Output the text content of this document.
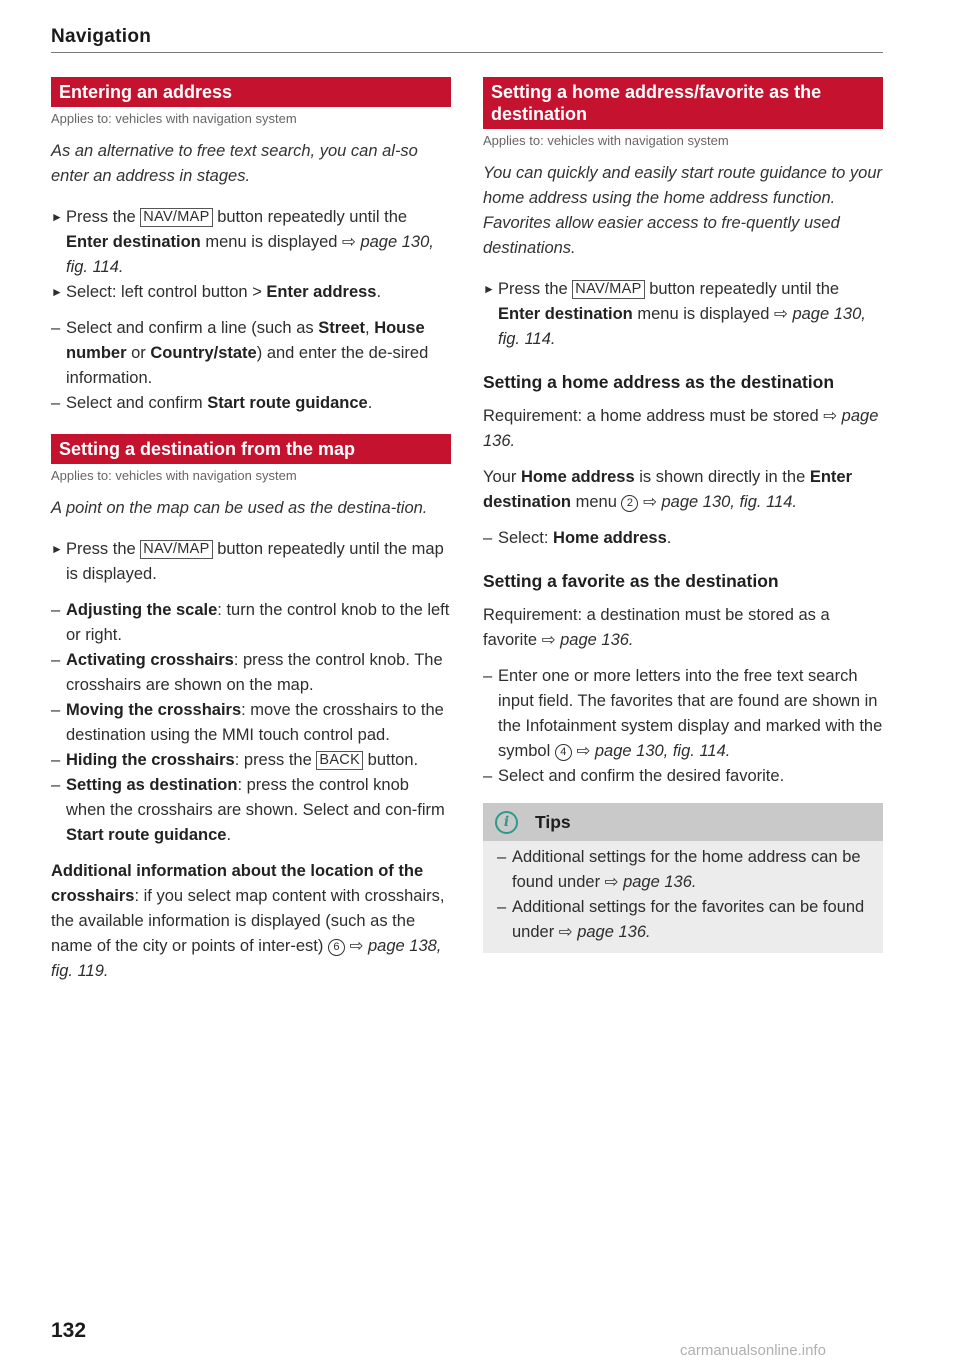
Navigation
Entering an address
Applies to: vehicles with navigation system
As an alternative to free text search, you can al-so enter an address in stages.
► Press the NAV/MAP button repeatedly until the Enter destination menu is displayed ⇨ page 130, fig. 114.
► Select: left control button > Enter address.
– Select and confirm a line (such as Street, House number or Country/state) and enter the de-sired information.
– Select and confirm Start route guidance.
Setting a destination from the map
Applies to: vehicles with navigation system
A point on the map can be used as the destina-tion.
► Press the NAV/MAP button repeatedly until the map is displayed.
– Adjusting the scale: turn the control knob to the left or right.
– Activating crosshairs: press the control knob. The crosshairs are shown on the map.
– Moving the crosshairs: move the crosshairs to the destination using the MMI touch control pad.
– Hiding the crosshairs: press the BACK button.
– Setting as destination: press the control knob when the crosshairs are shown. Select and con-firm Start route guidance.
Additional information about the location of the crosshairs: if you select map content with crosshairs, the available information is displayed (such as the name of the city or points of inter-est) 6 ⇨ page 138, fig. 119.
Setting a home address/favorite as the destination
Applies to: vehicles with navigation system
You can quickly and easily start route guidance to your home address using the home address function. Favorites allow easier access to fre-quently used destinations.
► Press the NAV/MAP button repeatedly until the Enter destination menu is displayed ⇨ page 130, fig. 114.
Setting a home address as the destination
Requirement: a home address must be stored ⇨ page 136.
Your Home address is shown directly in the Enter destination menu 2 ⇨ page 130, fig. 114.
– Select: Home address.
Setting a favorite as the destination
Requirement: a destination must be stored as a favorite ⇨ page 136.
– Enter one or more letters into the free text search input field. The favorites that are found are shown in the Infotainment system display and marked with the symbol 4 ⇨ page 130, fig. 114.
– Select and confirm the desired favorite.
i	Tips
– Additional settings for the home address can be found under ⇨ page 136.
– Additional settings for the favorites can be found under ⇨ page 136.
132
carmanualsonline.info
